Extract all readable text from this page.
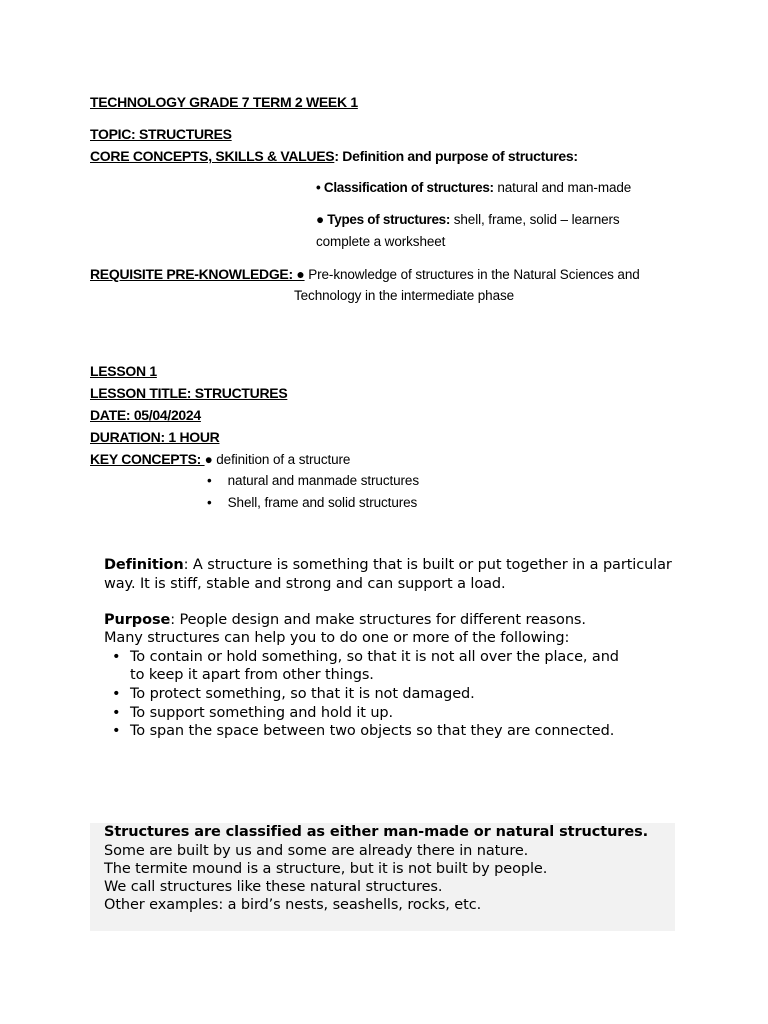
TECHNOLOGY GRADE 7 TERM 2 WEEK 1
TOPIC: STRUCTURES
CORE CONCEPTS, SKILLS & VALUES: Definition and purpose of structures:
• Classification of structures: natural and man-made
● Types of structures: shell, frame, solid – learners
complete a worksheet
REQUISITE PRE-KNOWLEDGE: ● Pre-knowledge of structures in the Natural Sciences and
Technology in the intermediate phase
LESSON 1
LESSON TITLE: STRUCTURES
DATE: 05/04/2024
DURATION: 1 HOUR
KEY CONCEPTS: ● definition of a structure
• natural and manmade structures
• Shell, frame and solid structures
Definition: A structure is something that is built or put together in a particular
way. It is stiff, stable and strong and can support a load.
Purpose: People design and make structures for different reasons.
Many structures can help you to do one or more of the following:
• To contain or hold something, so that it is not all over the place, and
to keep it apart from other things.
• To protect something, so that it is not damaged.
• To support something and hold it up.
• To span the space between two objects so that they are connected.
Structures are classified as either man-made or natural structures.
Some are built by us and some are already there in nature.
The termite mound is a structure, but it is not built by people.
We call structures like these natural structures.
Other examples: a bird’s nests, seashells, rocks, etc.
